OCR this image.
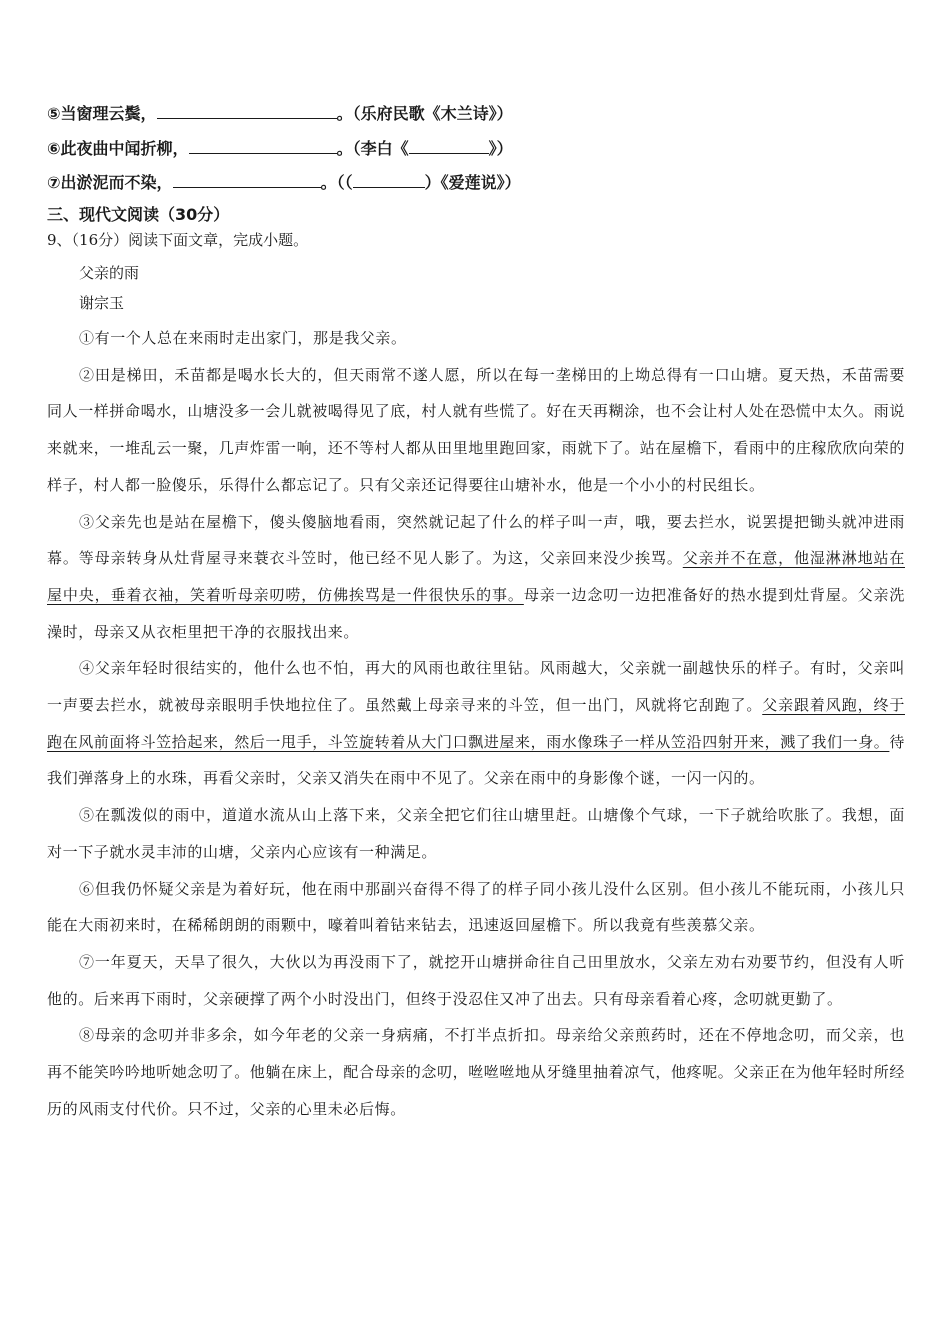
⑤当窗理云鬓，	。（乐府民歌《木兰诗》）
⑥此夜曲中闻折柳，	。（李白《	》）
⑦出淤泥而不染，	。（（	）《爱莲说》）
三、现代文阅读（30分）
9、（16分）阅读下面文章，完成小题。
父亲的雨
谢宗玉

①有一个人总在来雨时走出家门，那是我父亲。

②田是梯田，禾苗都是喝水长大的，但天雨常不遂人愿，所以在每一垄梯田的上坳总得有一口山塘。夏天热，禾苗需要同人一样拼命喝水，山塘没多一会儿就被喝得见了底，村人就有些慌了。好在天再糊涂，也不会让村人处在恐慌中太久。雨说来就来，一堆乱云一聚，几声炸雷一响，还不等村人都从田里地里跑回家，雨就下了。站在屋檐下，看雨中的庄稼欣欣向荣的样子，村人都一脸傻乐，乐得什么都忘记了。只有父亲还记得要往山塘补水，他是一个小小的村民组长。

③父亲先也是站在屋檐下，傻头傻脑地看雨，突然就记起了什么的样子叫一声，哦，要去拦水，说罢提把锄头就冲进雨幕。等母亲转身从灶背屋寻来蓑衣斗笠时，他已经不见人影了。为这，父亲回来没少挨骂。父亲并不在意，他湿淋淋地站在屋中央，垂着衣袖，笑着听母亲叨唠，仿佛挨骂是一件很快乐的事。母亲一边念叨一边把准备好的热水提到灶背屋。父亲洗澡时，母亲又从衣柜里把干净的衣服找出来。

④父亲年轻时很结实的，他什么也不怕，再大的风雨也敢往里钻。风雨越大，父亲就一副越快乐的样子。有时，父亲叫一声要去拦水，就被母亲眼明手快地拉住了。虽然戴上母亲寻来的斗笠，但一出门，风就将它刮跑了。父亲跟着风跑，终于跑在风前面将斗笠拾起来，然后一甩手，斗笠旋转着从大门口飘进屋来，雨水像珠子一样从笠沿四射开来，溅了我们一身。待我们弹落身上的水珠，再看父亲时，父亲又消失在雨中不见了。父亲在雨中的身影像个谜，一闪一闪的。

⑤在瓢泼似的雨中，道道水流从山上落下来，父亲全把它们往山塘里赶。山塘像个气球，一下子就给吹胀了。我想，面对一下子就水灵丰沛的山塘，父亲内心应该有一种满足。

⑥但我仍怀疑父亲是为着好玩，他在雨中那副兴奋得不得了的样子同小孩儿没什么区别。但小孩儿不能玩雨，小孩儿只能在大雨初来时，在稀稀朗朗的雨颗中，嚎着叫着钻来钻去，迅速返回屋檐下。所以我竟有些羡慕父亲。

⑦一年夏天，天旱了很久，大伙以为再没雨下了，就挖开山塘拼命往自己田里放水，父亲左劝右劝要节约，但没有人听他的。后来再下雨时，父亲硬撑了两个小时没出门，但终于没忍住又冲了出去。只有母亲看着心疼，念叨就更勤了。

⑧母亲的念叨并非多余，如今年老的父亲一身病痛，不打半点折扣。母亲给父亲煎药时，还在不停地念叨，而父亲，也再不能笑吟吟地听她念叨了。他躺在床上，配合母亲的念叨，咝咝咝地从牙缝里抽着凉气，他疼呢。父亲正在为他年轻时所经历的风雨支付代价。只不过，父亲的心里未必后悔。
